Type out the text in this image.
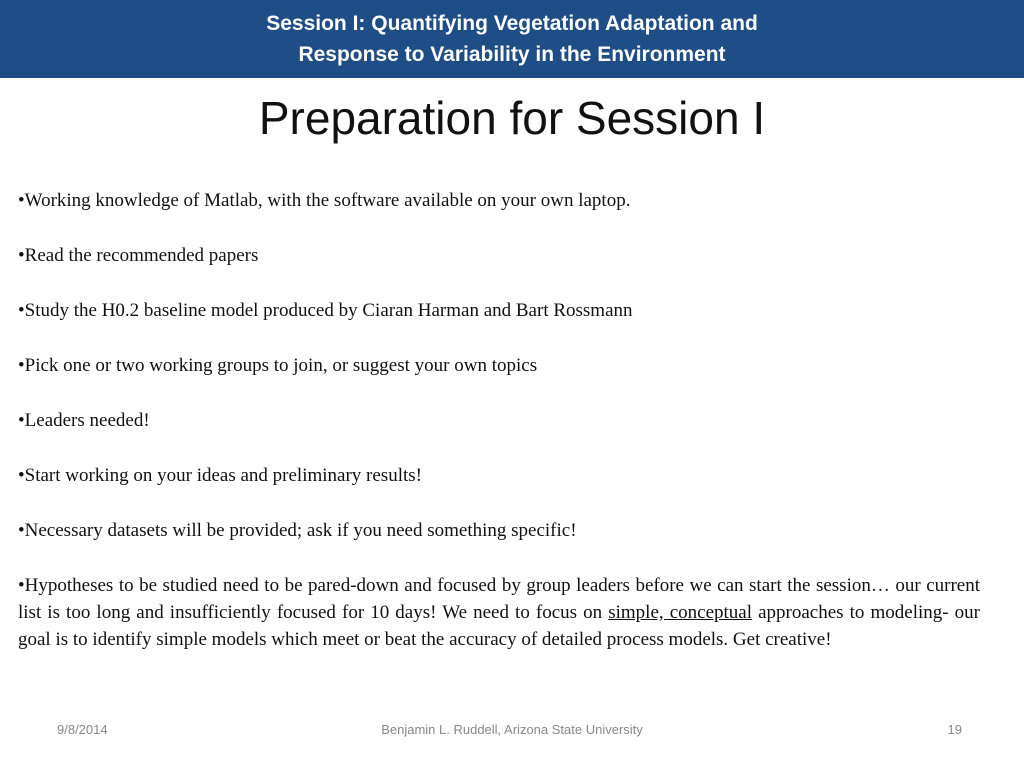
Session I: Quantifying Vegetation Adaptation and
Response to Variability in the Environment
Preparation for Session I

•Working knowledge of Matlab, with the software available on your own laptop.

•Read the recommended papers

•Study the H0.2 baseline model produced by Ciaran Harman and Bart Rossmann

•Pick one or two working groups to join, or suggest your own topics

•Leaders needed!

•Start working on your ideas and preliminary results!

•Necessary datasets will be provided; ask if you need something specific!

•Hypotheses to be studied need to be pared-down and focused by group leaders before we can start the session… our current list is too long and insufficiently focused for 10 days! We need to focus on simple, conceptual approaches to modeling- our goal is to identify simple models which meet or beat the accuracy of detailed process models. Get creative!

9/8/2014	Benjamin L. Ruddell, Arizona State University	19
